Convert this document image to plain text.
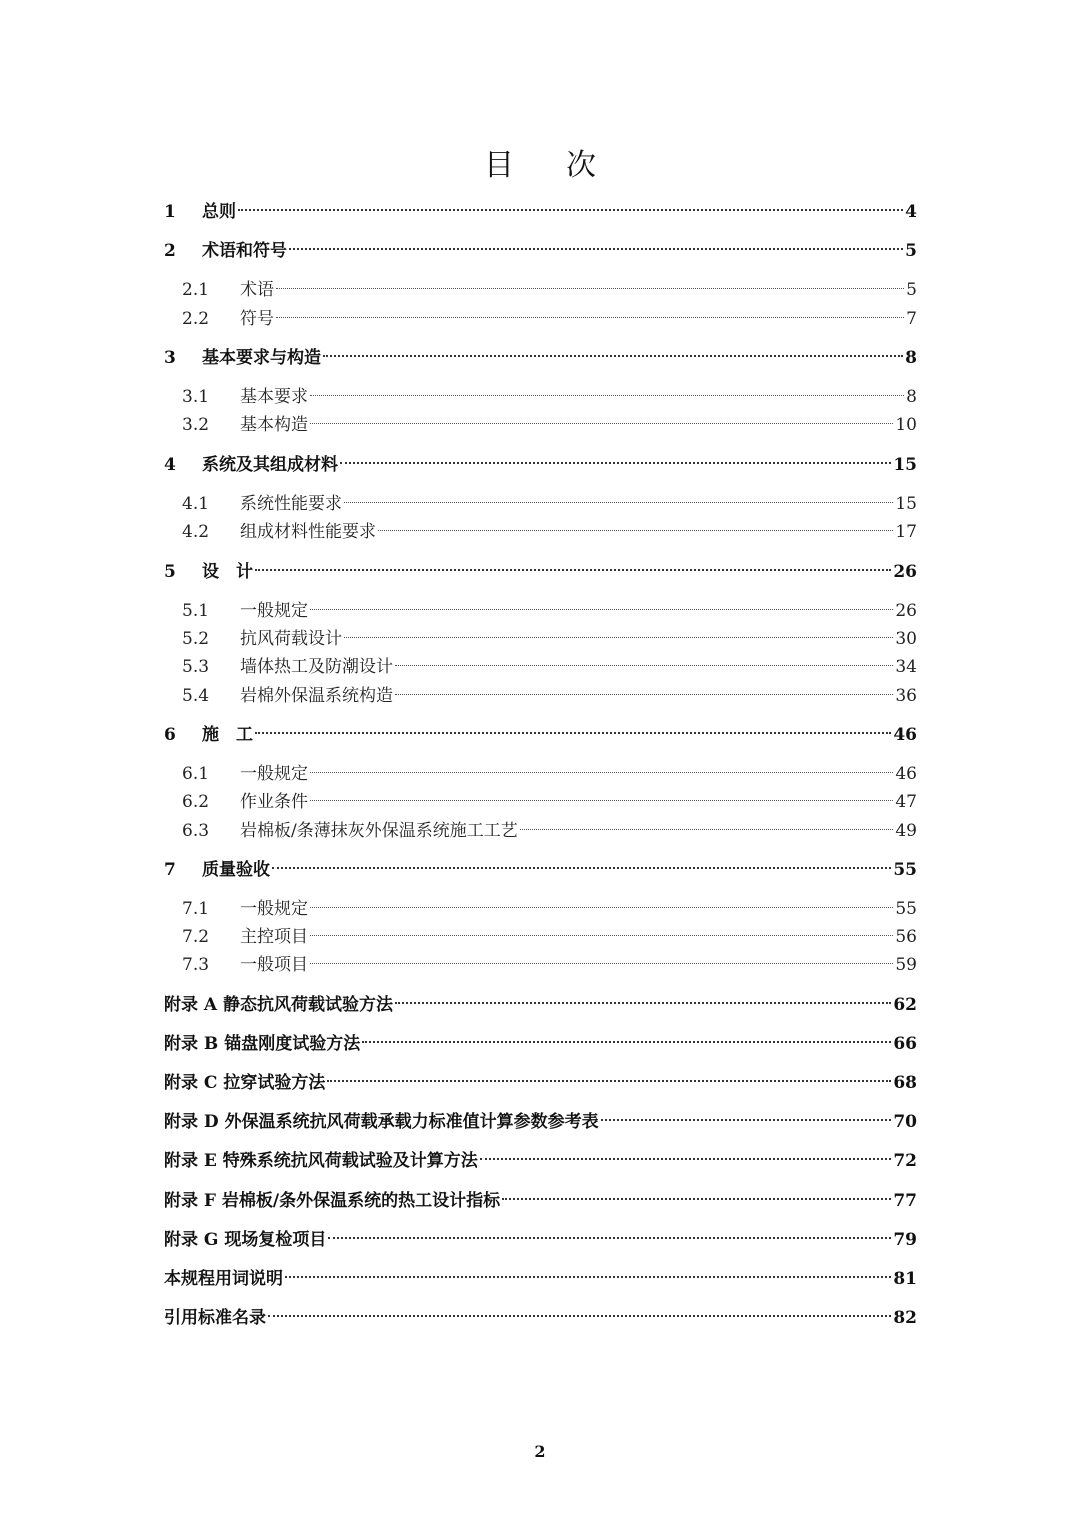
目 次
1	总则	4
2	术语和符号	5
2.1	术语	5
2.2	符号	7
3	基本要求与构造	8
3.1	基本要求	8
3.2	基本构造	10
4	系统及其组成材料	15
4.1	系统性能要求	15
4.2	组成材料性能要求	17
5	设　计	26
5.1	一般规定	26
5.2	抗风荷载设计	30
5.3	墙体热工及防潮设计	34
5.4	岩棉外保温系统构造	36
6	施　工	46
6.1	一般规定	46
6.2	作业条件	47
6.3	岩棉板/条薄抹灰外保温系统施工工艺	49
7	质量验收	55
7.1	一般规定	55
7.2	主控项目	56
7.3	一般项目	59
附录 A 静态抗风荷载试验方法	62
附录 B 锚盘刚度试验方法	66
附录 C 拉穿试验方法	68
附录 D 外保温系统抗风荷载承载力标准值计算参数参考表	70
附录 E 特殊系统抗风荷载试验及计算方法	72
附录 F 岩棉板/条外保温系统的热工设计指标	77
附录 G 现场复检项目	79
本规程用词说明	81
引用标准名录	82
2
